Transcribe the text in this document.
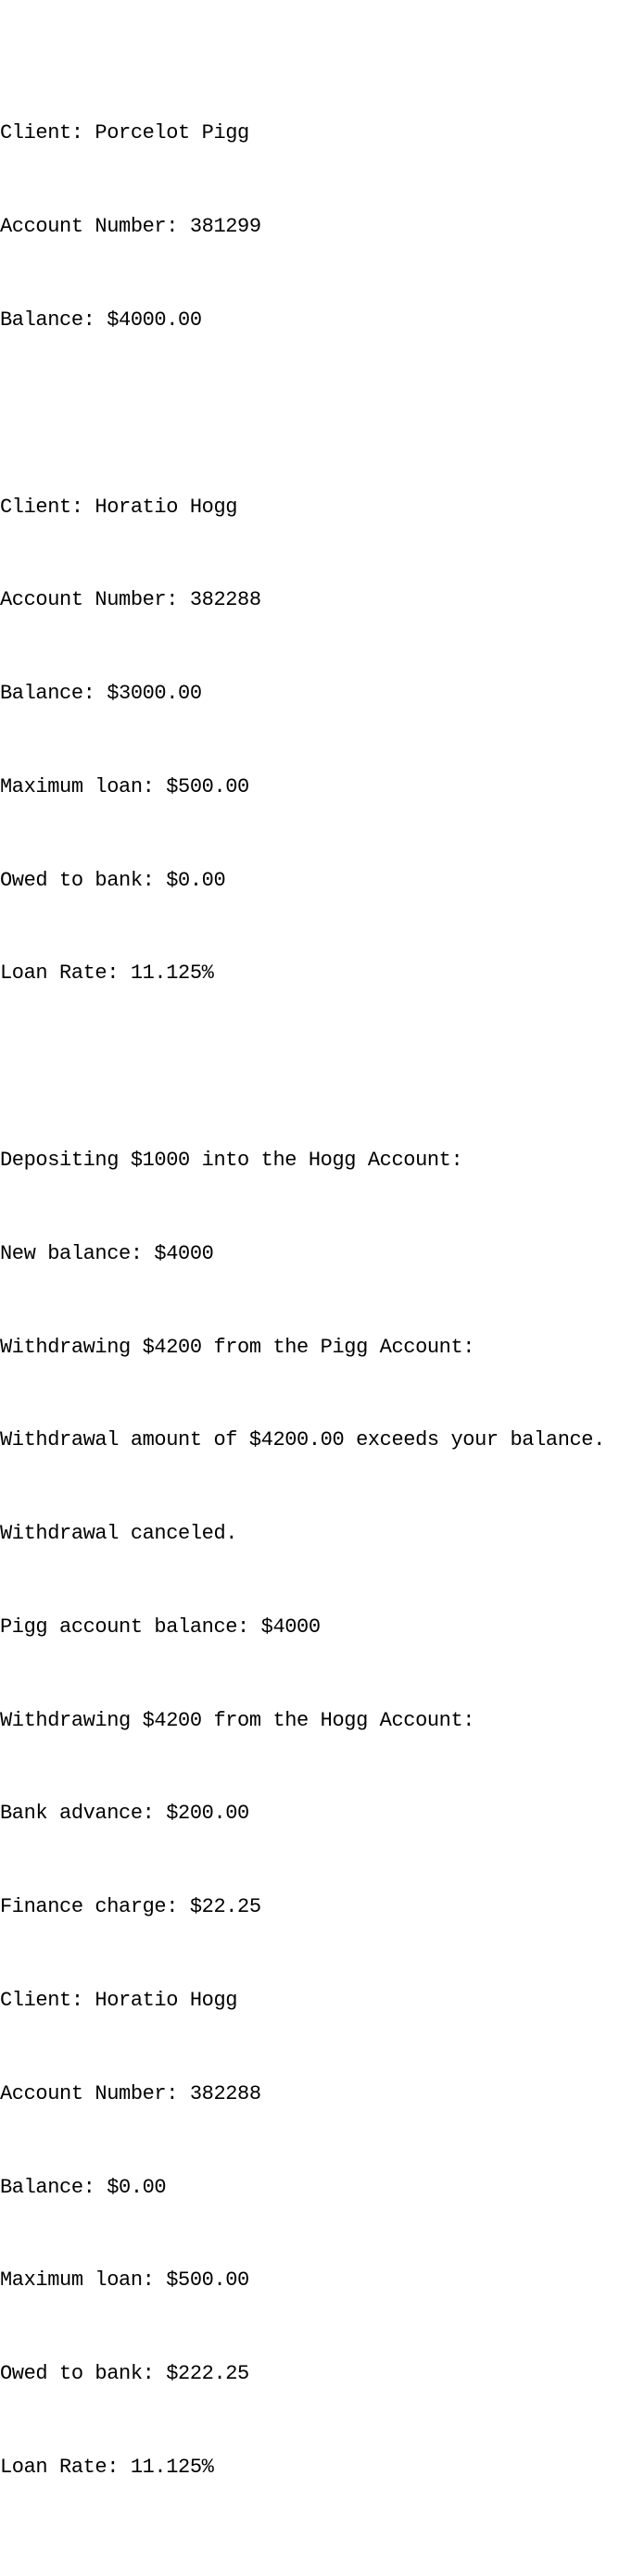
Client: Porcelot Pigg

Account Number: 381299

Balance: $4000.00

Client: Horatio Hogg

Account Number: 382288

Balance: $3000.00

Maximum loan: $500.00

Owed to bank: $0.00

Loan Rate: 11.125%

Depositing $1000 into the Hogg Account:

New balance: $4000

Withdrawing $4200 from the Pigg Account:

Withdrawal amount of $4200.00 exceeds your balance.

Withdrawal canceled.

Pigg account balance: $4000

Withdrawing $4200 from the Hogg Account:

Bank advance: $200.00

Finance charge: $22.25

Client: Horatio Hogg

Account Number: 382288

Balance: $0.00

Maximum loan: $500.00

Owed to bank: $222.25

Loan Rate: 11.125%
